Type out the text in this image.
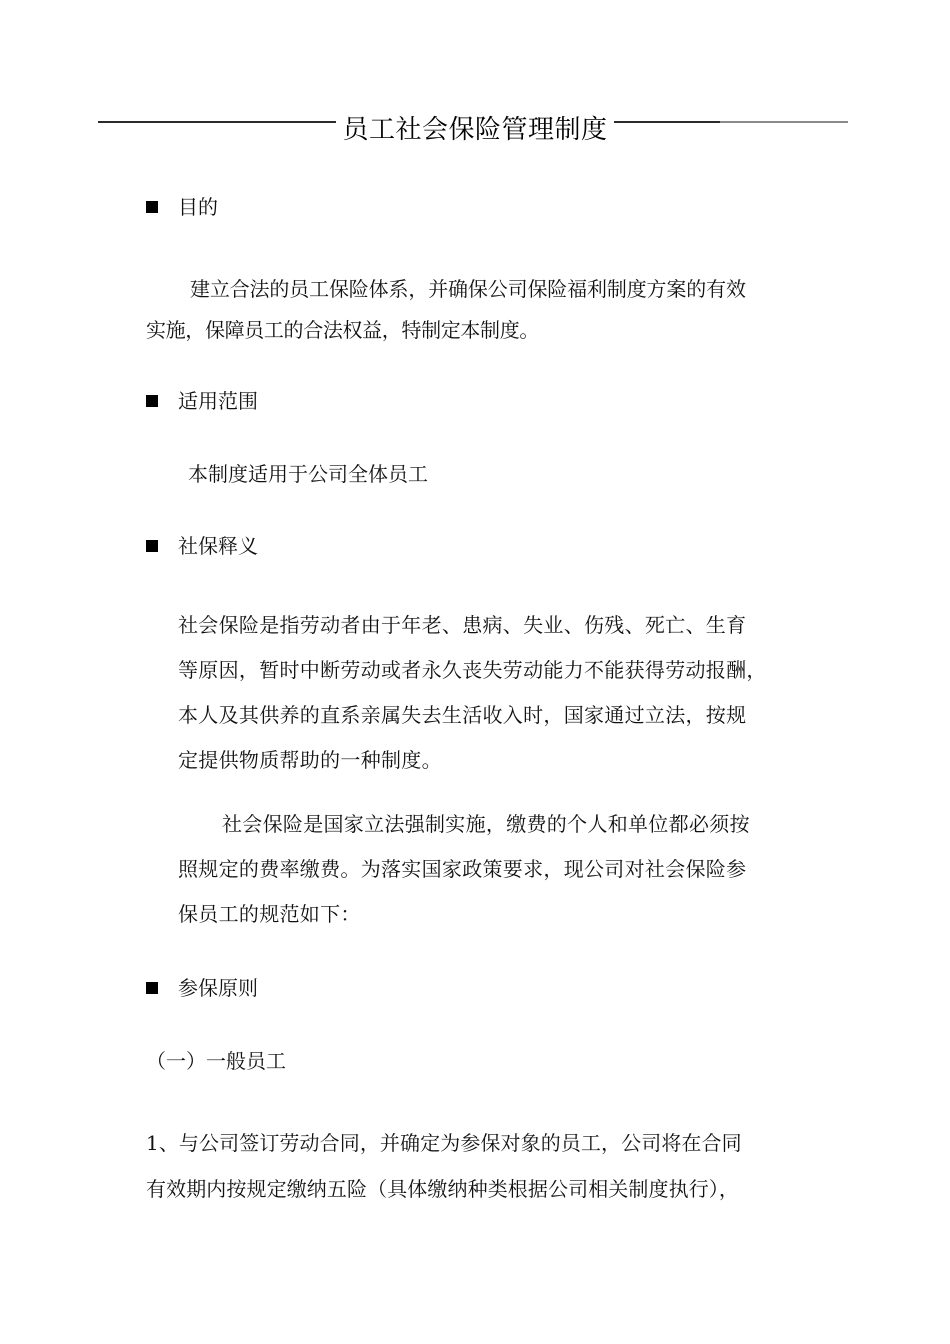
员工社会保险管理制度
目的
建立合法的员工保险体系，并确保公司保险福利制度方案的有效
实施，保障员工的合法权益，特制定本制度。
适用范围
本制度适用于公司全体员工
社保释义
社会保险是指劳动者由于年老、患病、失业、伤残、死亡、生育
等原因，暂时中断劳动或者永久丧失劳动能力不能获得劳动报酬，
本人及其供养的直系亲属失去生活收入时，国家通过立法，按规
定提供物质帮助的一种制度。
社会保险是国家立法强制实施，缴费的个人和单位都必须按
照规定的费率缴费。为落实国家政策要求，现公司对社会保险参
保员工的规范如下：
参保原则
（一）一般员工
1、与公司签订劳动合同，并确定为参保对象的员工，公司将在合同
有效期内按规定缴纳五险（具体缴纳种类根据公司相关制度执行），
